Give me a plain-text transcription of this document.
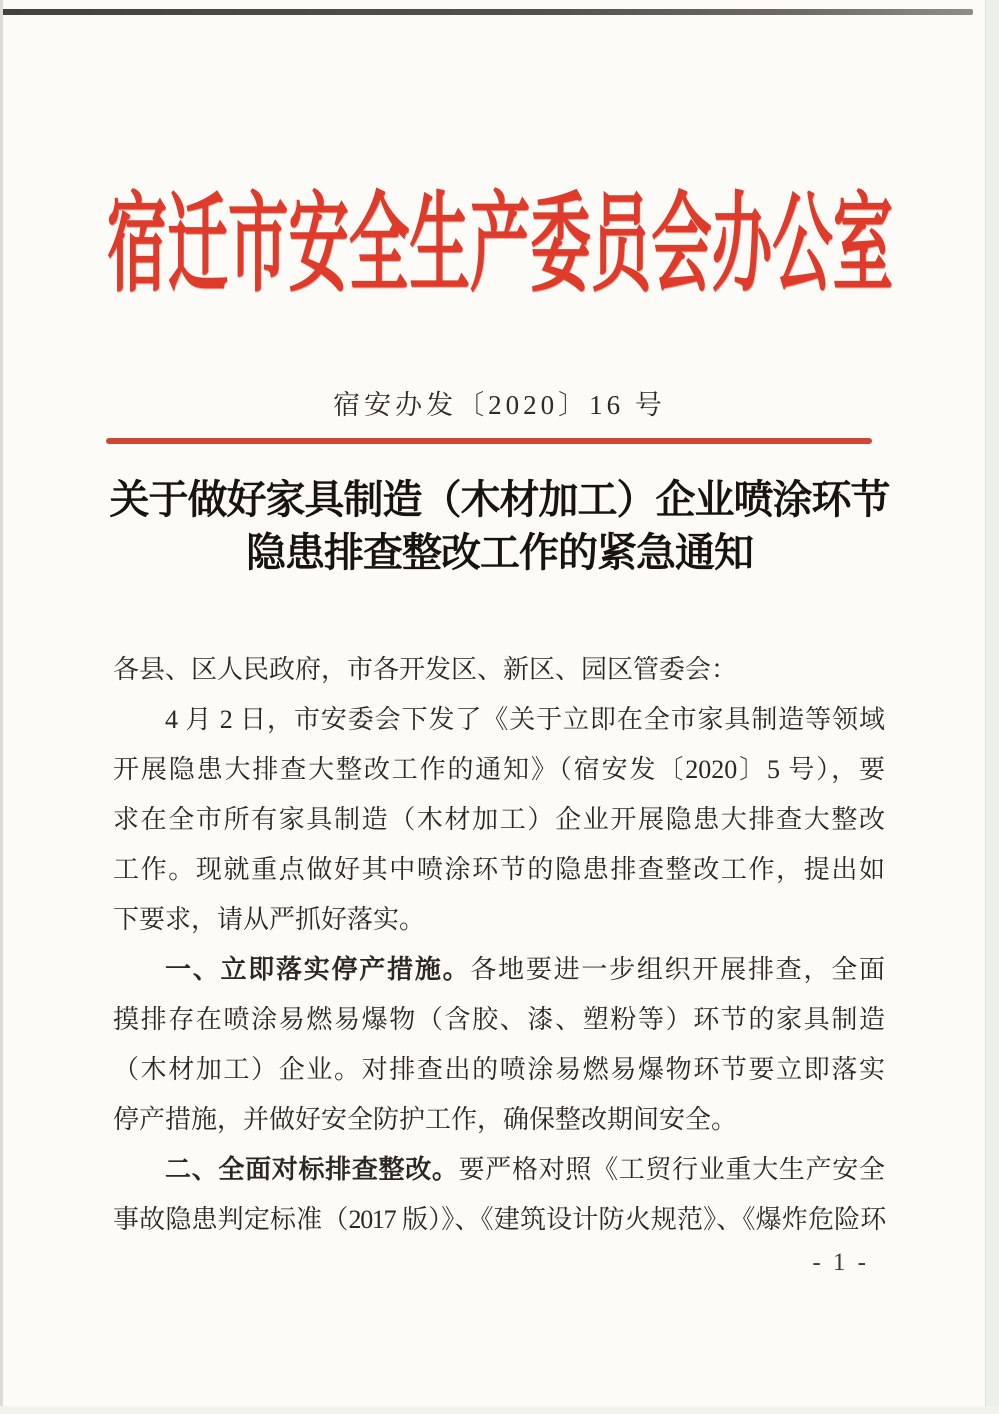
宿迁市安全生产委员会办公室
宿安办发〔2020〕16 号
关于做好家具制造（木材加工）企业喷涂环节
隐患排查整改工作的紧急通知
各县、区人民政府，市各开发区、新区、园区管委会：
4 月 2 日，市安委会下发了《关于立即在全市家具制造等领域
开展隐患大排查大整改工作的通知》（宿安发〔2020〕5 号），要
求在全市所有家具制造（木材加工）企业开展隐患大排查大整改
工作。现就重点做好其中喷涂环节的隐患排查整改工作，提出如
下要求，请从严抓好落实。
一、立即落实停产措施。各地要进一步组织开展排查，全面
摸排存在喷涂易燃易爆物（含胶、漆、塑粉等）环节的家具制造
（木材加工）企业。对排查出的喷涂易燃易爆物环节要立即落实
停产措施，并做好安全防护工作，确保整改期间安全。
二、全面对标排查整改。要严格对照《工贸行业重大生产安全
事故隐患判定标准（2017 版）》、《建筑设计防火规范》、《爆炸危险环
- 1 -
